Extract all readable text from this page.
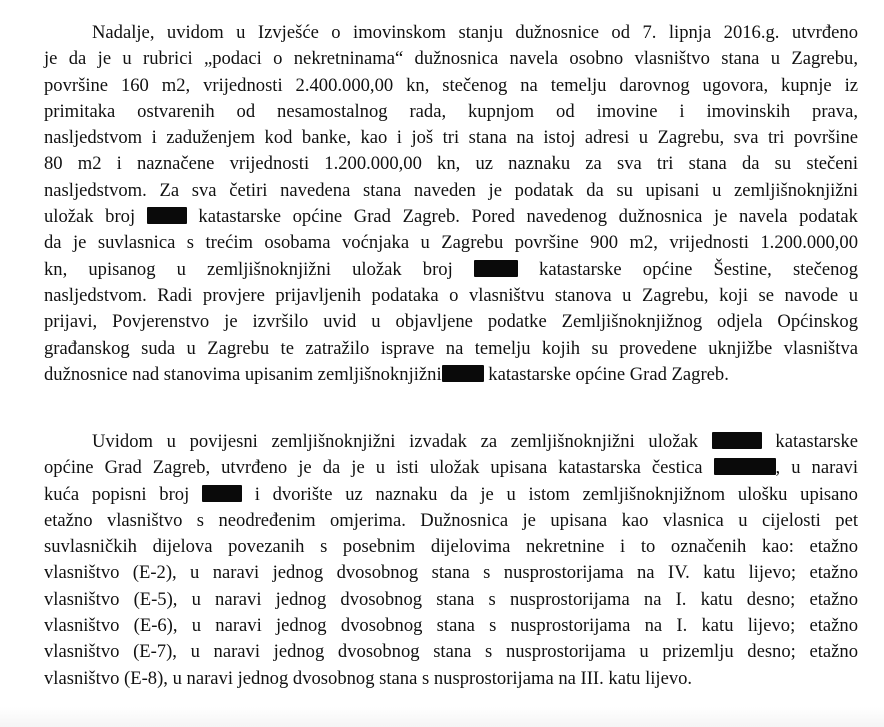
Nadalje, uvidom u Izvješće o imovinskom stanju dužnosnice od 7. lipnja 2016.g. utvrđeno
je da je u rubrici „podaci o nekretninama“ dužnosnica navela osobno vlasništvo stana u Zagrebu,
površine 160 m2, vrijednosti 2.400.000,00 kn, stečenog na temelju darovnog ugovora, kupnje iz
primitaka ostvarenih od nesamostalnog rada, kupnjom od imovine i imovinskih prava,
nasljedstvom i zaduženjem kod banke, kao i još tri stana na istoj adresi u Zagrebu, sva tri površine
80 m2 i naznačene vrijednosti 1.200.000,00 kn, uz naznaku za sva tri stana da su stečeni
nasljedstvom. Za sva četiri navedena stana naveden je podatak da su upisani u zemljišnoknjižni
uložak broj	katastarske općine Grad Zagreb. Pored navedenog dužnosnica je navela podatak
da je suvlasnica s trećim osobama voćnjaka u Zagrebu površine 900 m2, vrijednosti 1.200.000,00
kn, upisanog u zemljišnoknjižni uložak broj	katastarske općine Šestine, stečenog
nasljedstvom. Radi provjere prijavljenih podataka o vlasništvu stanova u Zagrebu, koji se navode u
prijavi, Povjerenstvo je izvršilo uvid u objavljene podatke Zemljišnoknjižnog odjela Općinskog
građanskog suda u Zagrebu te zatražilo isprave na temelju kojih su provedene uknjižbe vlasništva
dužnosnice nad stanovima upisanim zemljišnoknjižni	katastarske općine Grad Zagreb.
Uvidom u povijesni zemljišnoknjižni izvadak za zemljišnoknjižni uložak	katastarske
općine Grad Zagreb, utvrđeno je da je u isti uložak upisana katastarska čestica	, u naravi
kuća popisni broj	i dvorište uz naznaku da je u istom zemljišnoknjižnom ulošku upisano
etažno vlasništvo s neodređenim omjerima. Dužnosnica je upisana kao vlasnica u cijelosti pet
suvlasničkih dijelova povezanih s posebnim dijelovima nekretnine i to označenih kao: etažno
vlasništvo (E-2), u naravi jednog dvosobnog stana s nusprostorijama na IV. katu lijevo; etažno
vlasništvo (E-5), u naravi jednog dvosobnog stana s nusprostorijama na I. katu desno; etažno
vlasništvo (E-6), u naravi jednog dvosobnog stana s nusprostorijama na I. katu lijevo; etažno
vlasništvo (E-7), u naravi jednog dvosobnog stana s nusprostorijama u prizemlju desno; etažno
vlasništvo (E-8), u naravi jednog dvosobnog stana s nusprostorijama na III. katu lijevo.
